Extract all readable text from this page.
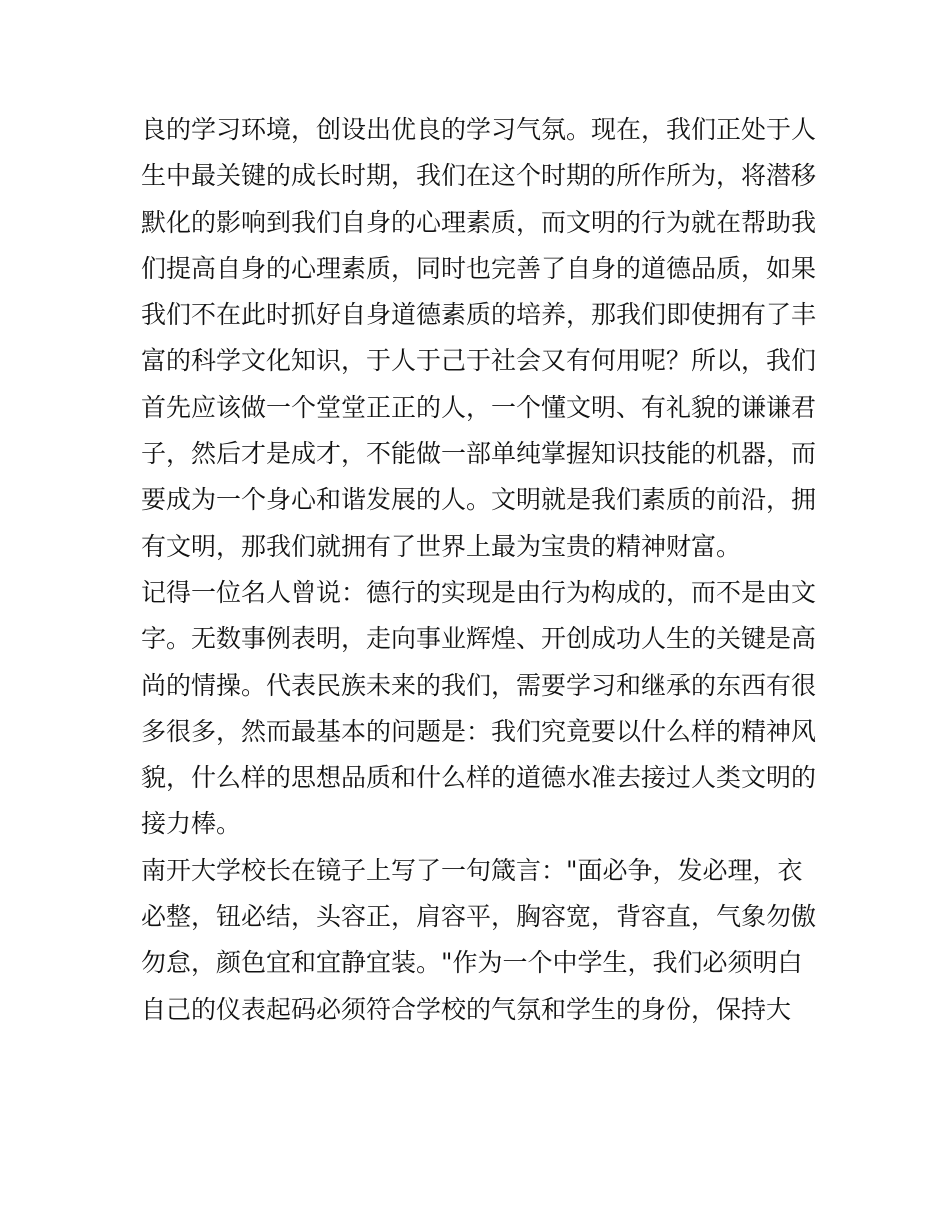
良的学习环境，创设出优良的学习气氛。现在，我们正处于人
生中最关键的成长时期，我们在这个时期的所作所为，将潜移
默化的影响到我们自身的心理素质，而文明的行为就在帮助我
们提高自身的心理素质，同时也完善了自身的道德品质，如果
我们不在此时抓好自身道德素质的培养，那我们即使拥有了丰
富的科学文化知识，于人于己于社会又有何用呢？所以，我们
首先应该做一个堂堂正正的人，一个懂文明、有礼貌的谦谦君
子，然后才是成才，不能做一部单纯掌握知识技能的机器，而
要成为一个身心和谐发展的人。文明就是我们素质的前沿，拥
有文明，那我们就拥有了世界上最为宝贵的精神财富。
记得一位名人曾说：德行的实现是由行为构成的，而不是由文
字。无数事例表明，走向事业辉煌、开创成功人生的关键是高
尚的情操。代表民族未来的我们，需要学习和继承的东西有很
多很多，然而最基本的问题是：我们究竟要以什么样的精神风
貌，什么样的思想品质和什么样的道德水准去接过人类文明的
接力棒。
南开大学校长在镜子上写了一句箴言："面必争，发必理，衣
必整，钮必结，头容正，肩容平，胸容宽，背容直，气象勿傲
勿怠，颜色宜和宜静宜装。"作为一个中学生，我们必须明白
自己的仪表起码必须符合学校的气氛和学生的身份，保持大
